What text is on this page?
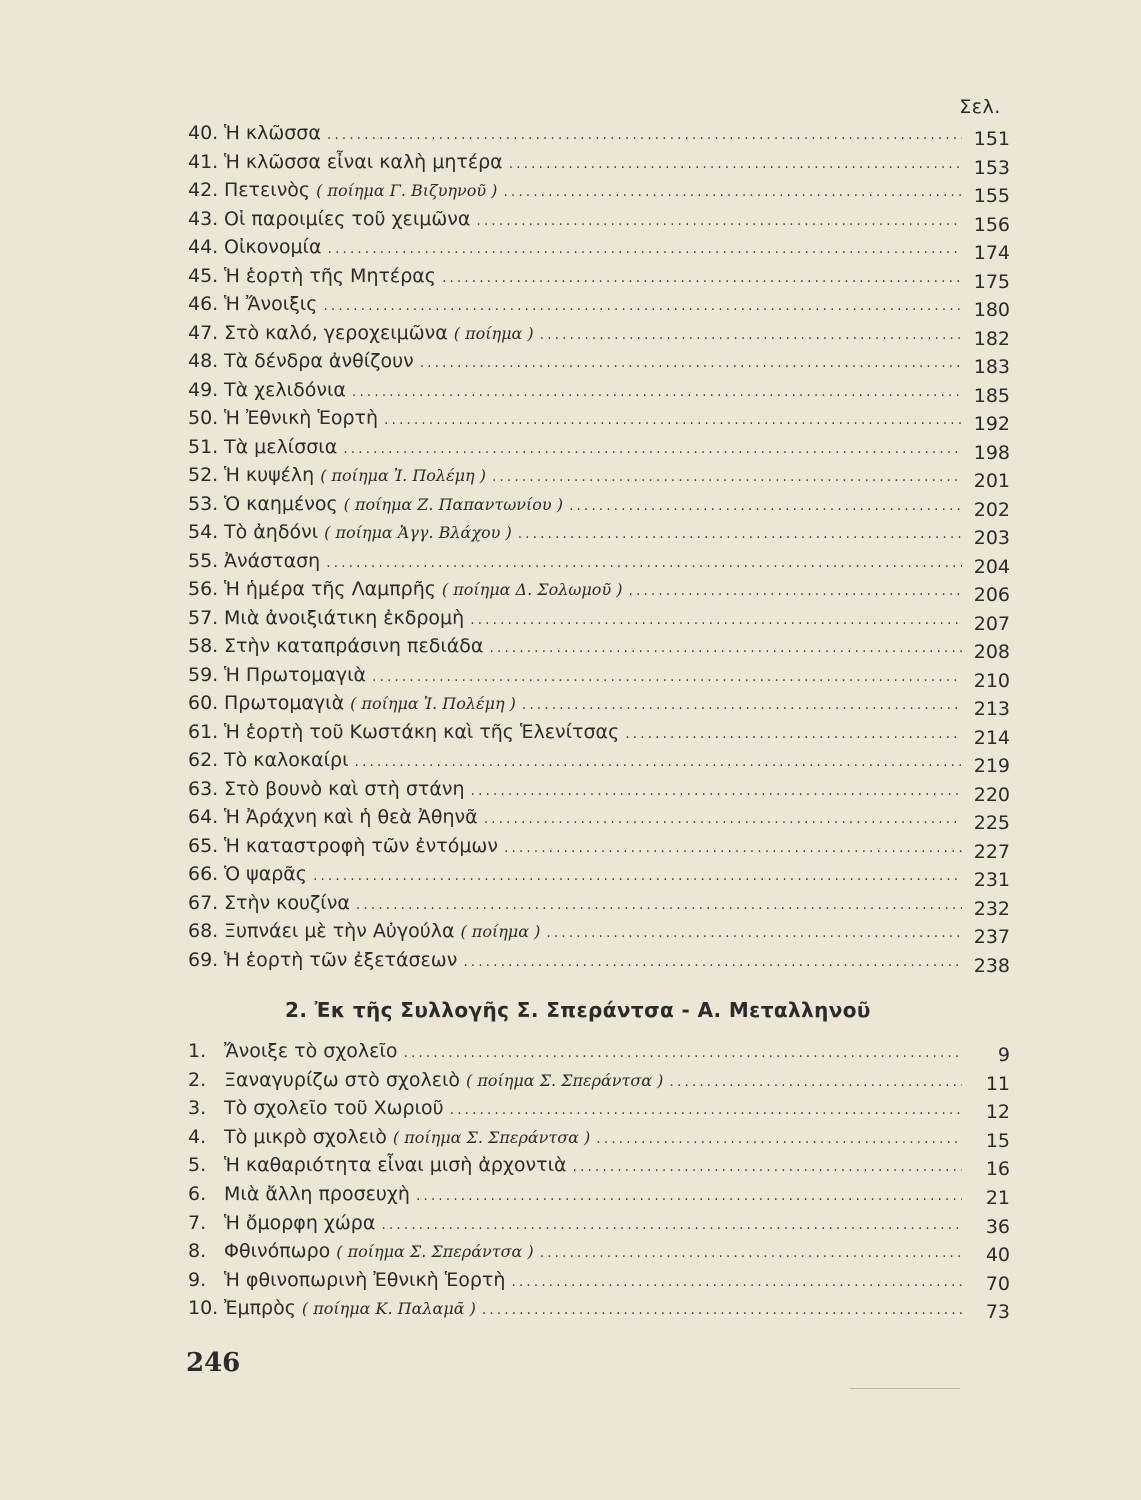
Σελ.
40. Ἡ κλῶσσα .....	151
41. Ἡ κλῶσσα εἶναι καλὴ μητέρα .....	153
42. Πετεινὸς ( ποίημα Γ. Βιζυηνοῦ ) .....	155
43. Οἱ παροιμίες τοῦ χειμῶνα .....	156
44. Οἰκονομία .....	174
45. Ἡ ἑορτὴ τῆς Μητέρας .....	175
46. Ἡ Ἄνοιξις .....	180
47. Στὸ καλό, γεροχειμῶνα ( ποίημα ) .....	182
48. Τὰ δένδρα ἀνθίζουν .....	183
49. Τὰ χελιδόνια .....	185
50. Ἡ Ἐθνικὴ Ἑορτὴ .....	192
51. Τὰ μελίσσια .....	198
52. Ἡ κυψέλη ( ποίημα Ἰ. Πολέμη ) .....	201
53. Ὁ καημένος ( ποίημα Ζ. Παπαντωνίου ) .....	202
54. Τὸ ἀηδόνι ( ποίημα Ἀγγ. Βλάχου ) .....	203
55. Ἀνάσταση .....	204
56. Ἡ ἡμέρα τῆς Λαμπρῆς ( ποίημα Δ. Σολωμοῦ ) .....	206
57. Μιὰ ἀνοιξιάτικη ἐκδρομὴ .....	207
58. Στὴν καταπράσινη πεδιάδα .....	208
59. Ἡ Πρωτομαγιὰ .....	210
60. Πρωτομαγιὰ ( ποίημα Ἰ. Πολέμη ) .....	213
61. Ἡ ἑορτὴ τοῦ Κωστάκη καὶ τῆς Ἑλενίτσας .....	214
62. Τὸ καλοκαίρι .....	219
63. Στὸ βουνὸ καὶ στὴ στάνη .....	220
64. Ἡ Ἀράχνη καὶ ἡ θεὰ Ἀθηνᾶ .....	225
65. Ἡ καταστροφὴ τῶν ἐντόμων .....	227
66. Ὁ ψαρᾶς .....	231
67. Στὴν κουζίνα .....	232
68. Ξυπνάει μὲ τὴν Αὐγούλα ( ποίημα ) .....	237
69. Ἡ ἑορτὴ τῶν ἐξετάσεων .....	238
2. Ἐκ τῆς Συλλογῆς Σ. Σπεράντσα - Α. Μεταλληνοῦ
1. Ἄνοιξε τὸ σχολεῖο .....	9
2. Ξαναγυρίζω στὸ σχολειὸ ( ποίημα Σ. Σπεράντσα ) .....	11
3. Τὸ σχολεῖο τοῦ Χωριοῦ .....	12
4. Τὸ μικρὸ σχολειὸ ( ποίημα Σ. Σπεράντσα ) .....	15
5. Ἡ καθαριότητα εἶναι μισὴ ἀρχοντιὰ .....	16
6. Μιὰ ἄλλη προσευχὴ .....	21
7. Ἡ ὄμορφη χώρα .....	36
8. Φθινόπωρο ( ποίημα Σ. Σπεράντσα ) .....	40
9. Ἡ φθινοπωρινὴ Ἐθνικὴ Ἑορτὴ .....	70
10. Ἐμπρὸς ( ποίημα Κ. Παλαμᾶ ) .....	73
246
